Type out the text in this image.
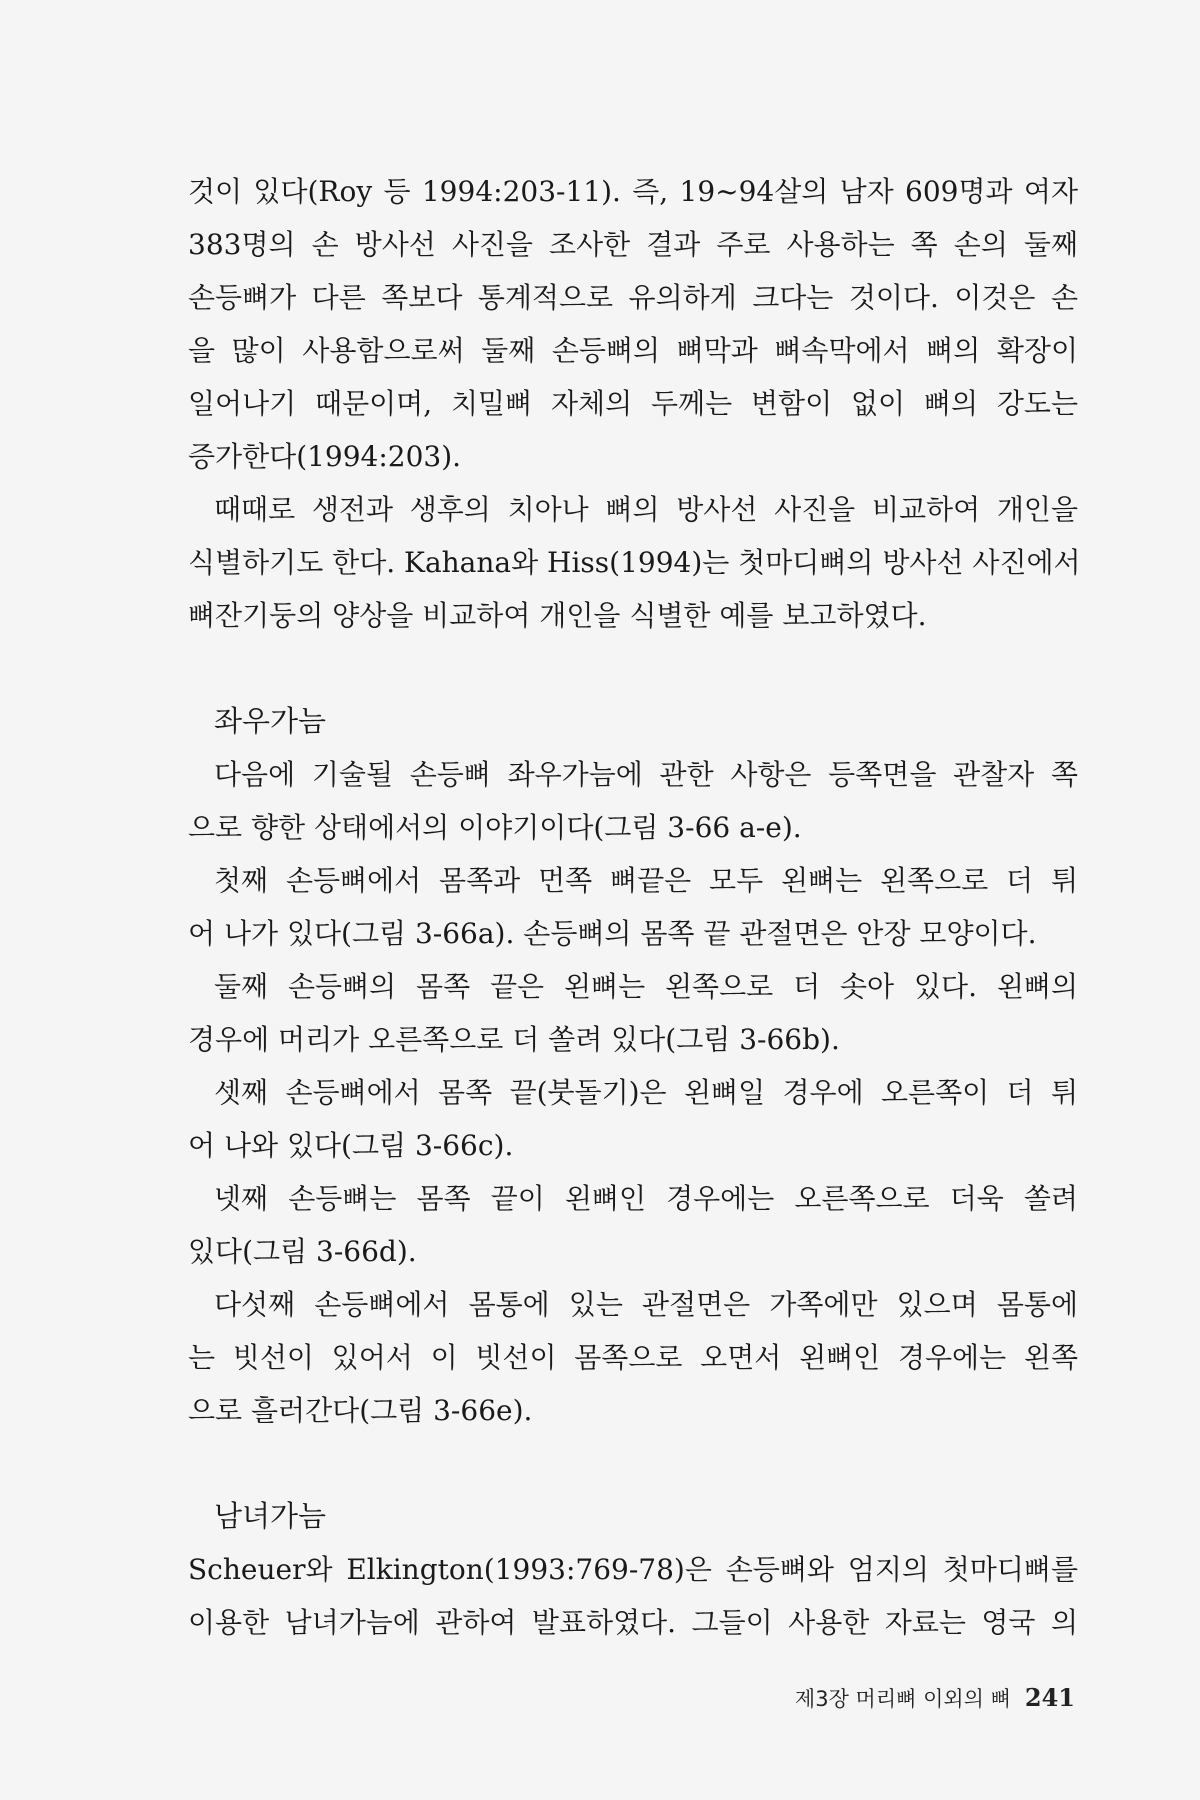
것이 있다(Roy 등 1994:203-11). 즉, 19~94살의 남자 609명과 여자
383명의 손 방사선 사진을 조사한 결과 주로 사용하는 쪽 손의 둘째
손등뼈가 다른 쪽보다 통계적으로 유의하게 크다는 것이다. 이것은 손
을 많이 사용함으로써 둘째 손등뼈의 뼈막과 뼈속막에서 뼈의 확장이
일어나기 때문이며, 치밀뼈 자체의 두께는 변함이 없이 뼈의 강도는
증가한다(1994:203).

때때로 생전과 생후의 치아나 뼈의 방사선 사진을 비교하여 개인을
식별하기도 한다. Kahana와 Hiss(1994)는 첫마디뼈의 방사선 사진에서
뼈잔기둥의 양상을 비교하여 개인을 식별한 예를 보고하였다.

좌우가늠

다음에 기술될 손등뼈 좌우가늠에 관한 사항은 등쪽면을 관찰자 쪽
으로 향한 상태에서의 이야기이다(그림 3-66 a-e).

첫째 손등뼈에서 몸쪽과 먼쪽 뼈끝은 모두 왼뼈는 왼쪽으로 더 튀
어 나가 있다(그림 3-66a). 손등뼈의 몸쪽 끝 관절면은 안장 모양이다.

둘째 손등뼈의 몸쪽 끝은 왼뼈는 왼쪽으로 더 솟아 있다. 왼뼈의
경우에 머리가 오른쪽으로 더 쏠려 있다(그림 3-66b).

셋째 손등뼈에서 몸쪽 끝(붓돌기)은 왼뼈일 경우에 오른쪽이 더 튀
어 나와 있다(그림 3-66c).

넷째 손등뼈는 몸쪽 끝이 왼뼈인 경우에는 오른쪽으로 더욱 쏠려
있다(그림 3-66d).

다섯째 손등뼈에서 몸통에 있는 관절면은 가쪽에만 있으며 몸통에
는 빗선이 있어서 이 빗선이 몸쪽으로 오면서 왼뼈인 경우에는 왼쪽
으로 흘러간다(그림 3-66e).

남녀가늠

Scheuer와 Elkington(1993:769-78)은 손등뼈와 엄지의 첫마디뼈를
이용한 남녀가늠에 관하여 발표하였다. 그들이 사용한 자료는 영국 의

제3장 머리뼈 이외의 뼈 241
